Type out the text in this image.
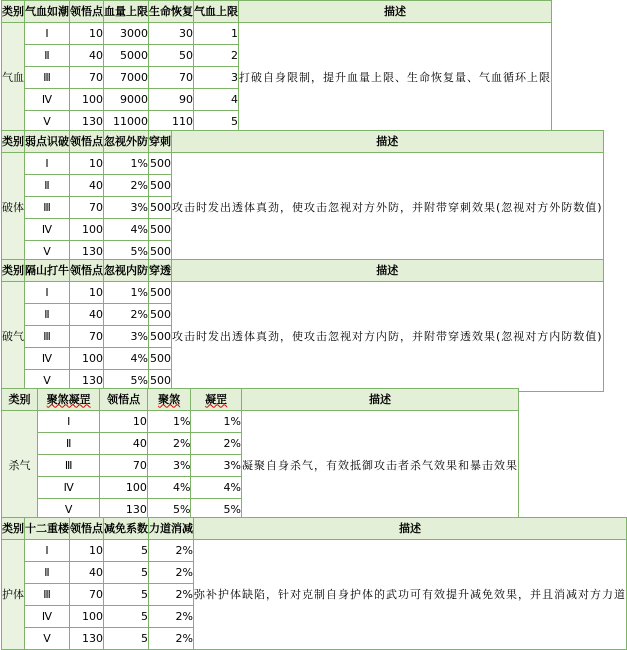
类别	气血如潮	领悟点	血量上限	生命恢复	气血上限	描述
气血	Ⅰ	10	3000	30	1	打破自身限制，提升血量上限、生命恢复量、气血循环上限
	Ⅱ	40	5000	50	2	
	Ⅲ	70	7000	70	3	
	Ⅳ	100	9000	90	4	
	Ⅴ	130	11000	110	5	
类别	弱点识破	领悟点	忽视外防	穿刺	描述
破体	Ⅰ	10	1%	500	攻击时发出透体真劲，使攻击忽视对方外防，并附带穿刺效果(忽视对方外防数值)
	Ⅱ	40	2%	500	
	Ⅲ	70	3%	500	
	Ⅳ	100	4%	500	
	Ⅴ	130	5%	500	
类别	隔山打牛	领悟点	忽视内防	穿透	描述
破气	Ⅰ	10	1%	500	攻击时发出透体真劲，使攻击忽视对方内防，并附带穿透效果(忽视对方内防数值)
	Ⅱ	40	2%	500	
	Ⅲ	70	3%	500	
	Ⅳ	100	4%	500	
	Ⅴ	130	5%	500	
类别	聚煞凝罡	领悟点	聚煞	凝罡	描述
杀气	Ⅰ	10	1%	1%	凝聚自身杀气，有效抵御攻击者杀气效果和暴击效果
	Ⅱ	40	2%	2%	
	Ⅲ	70	3%	3%	
	Ⅳ	100	4%	4%	
	Ⅴ	130	5%	5%	
类别	十二重楼	领悟点	减免系数	力道消减	描述
护体	Ⅰ	10	5	2%	弥补护体缺陷，针对克制自身护体的武功可有效提升减免效果，并且消减对方力道
	Ⅱ	40	5	2%	
	Ⅲ	70	5	2%	
	Ⅳ	100	5	2%	
	Ⅴ	130	5	2%	
